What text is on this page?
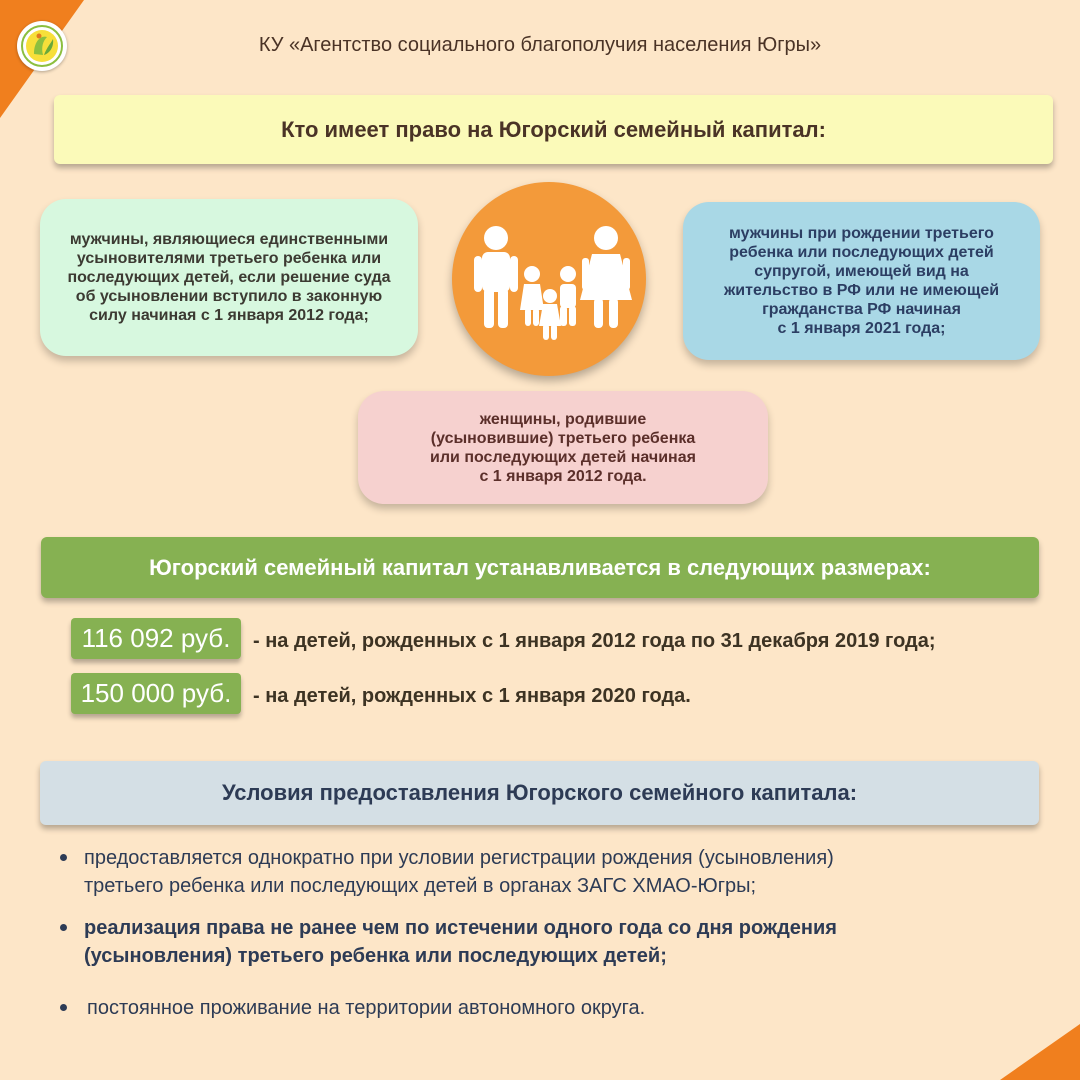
КУ «Агентство социального благополучия населения Югры»
Кто имеет право на Югорский семейный капитал:
мужчины, являющиеся единственными
усыновителями третьего ребенка или
последующих детей, если решение суда
об усыновлении вступило в законную
силу начиная с 1 января 2012 года;
мужчины при рождении третьего
ребенка или последующих детей
супругой, имеющей вид на
жительство в РФ или не имеющей
гражданства РФ начиная
с 1 января 2021 года;
женщины, родившие
(усыновившие) третьего ребенка
или последующих детей начиная
с 1 января 2012 года.
Югорский семейный капитал устанавливается в следующих размерах:
116 092 руб.	- на детей, рожденных с 1 января 2012 года по 31 декабря 2019 года;
150 000 руб.	- на детей, рожденных с 1 января 2020 года.
Условия предоставления Югорского семейного капитала:
предоставляется однократно при условии регистрации рождения (усыновления)
третьего ребенка или последующих детей в органах ЗАГС ХМАО-Югры;
реализация права не ранее чем по истечении одного года со дня рождения
(усыновления) третьего ребенка или последующих детей;
постоянное проживание на территории автономного округа.
